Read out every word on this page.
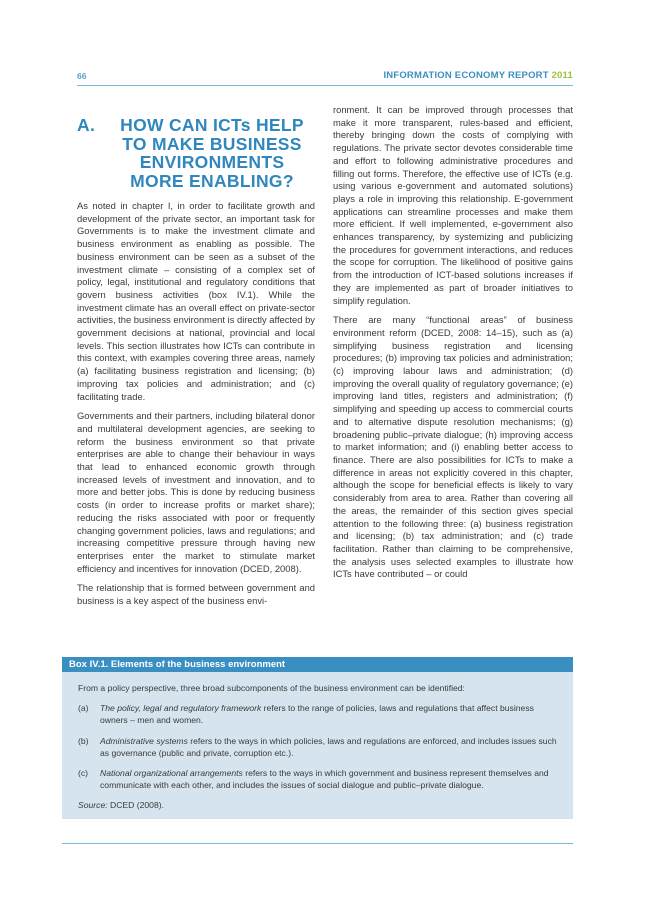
66	INFORMATION ECONOMY REPORT 2011
A.	HOW CAN ICTs HELP
TO MAKE BUSINESS
ENVIRONMENTS
MORE ENABLING?

As noted in chapter I, in order to facilitate growth and development of the private sector, an important task for Governments is to make the investment climate and business environment as enabling as possible. The business environment can be seen as a subset of the investment climate – consisting of a complex set of policy, legal, institutional and regulatory conditions that govern business activities (box IV.1). While the investment climate has an overall effect on private-sector activities, the business environment is directly affected by government decisions at national, provincial and local levels. This section illustrates how ICTs can contribute in this context, with examples covering three areas, namely (a) facilitating business registration and licensing; (b) improving tax policies and administration; and (c) facilitating trade.

Governments and their partners, including bilateral donor and multilateral development agencies, are seeking to reform the business environment so that private enterprises are able to change their behaviour in ways that lead to enhanced economic growth through increased levels of investment and innovation, and to more and better jobs. This is done by reducing business costs (in order to increase profits or market share); reducing the risks associated with poor or frequently changing government policies, laws and regulations; and increasing competitive pressure through having new enterprises enter the market to stimulate market efficiency and incentives for innovation (DCED, 2008).

The relationship that is formed between government and business is a key aspect of the business envi-

ronment. It can be improved through processes that make it more transparent, rules-based and efficient, thereby bringing down the costs of complying with regulations. The private sector devotes considerable time and effort to following administrative procedures and filling out forms. Therefore, the effective use of ICTs (e.g. using various e-government and automated solutions) plays a role in improving this relationship. E-government applications can streamline processes and make them more efficient. If well implemented, e-government also enhances transparency, by systemizing and publicizing the procedures for government interactions, and reduces the scope for corruption. The likelihood of positive gains from the introduction of ICT-based solutions increases if they are implemented as part of broader initiatives to simplify regulation.

There are many “functional areas” of business environment reform (DCED, 2008: 14–15), such as (a) simplifying business registration and licensing procedures; (b) improving tax policies and administration; (c) improving labour laws and administration; (d) improving the overall quality of regulatory governance; (e) improving land titles, registers and administration; (f) simplifying and speeding up access to commercial courts and to alternative dispute resolution mechanisms; (g) broadening public–private dialogue; (h) improving access to market information; and (i) enabling better access to finance. There are also possibilities for ICTs to make a difference in areas not explicitly covered in this chapter, although the scope for beneficial effects is likely to vary considerably from area to area. Rather than covering all the areas, the remainder of this section gives special attention to the following three: (a) business registration and licensing; (b) tax administration; and (c) trade facilitation. Rather than claiming to be comprehensive, the analysis uses selected examples to illustrate how ICTs have contributed – or could

Box IV.1. Elements of the business environment
From a policy perspective, three broad subcomponents of the business environment can be identified:
(a)	The policy, legal and regulatory framework refers to the range of policies, laws and regulations that affect business owners – men and women.
(b)	Administrative systems refers to the ways in which policies, laws and regulations are enforced, and includes issues such as governance (public and private, corruption etc.).
(c)	National organizational arrangements refers to the ways in which government and business represent themselves and communicate with each other, and includes the issues of social dialogue and public–private dialogue.
Source: DCED (2008).
